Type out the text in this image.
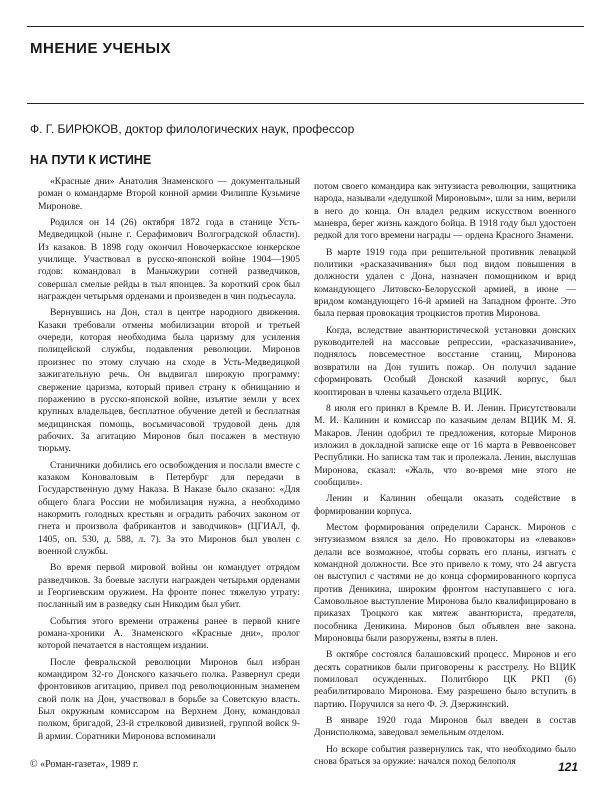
МНЕНИЕ УЧЕНЫХ

Ф. Г. БИРЮКОВ, доктор филологических наук, профессор

НА ПУТИ К ИСТИНЕ

«Красные дни» Анатолия Знаменского — документальный роман о командарме Второй конной армии Филиппе Кузьмиче Миронове.

Родился он 14 (26) октября 1872 года в станице Усть-Медведицкой (ныне г. Серафимович Волгоградской области). Из казаков. В 1898 году окончил Новочеркасское юнкерское училище. Участвовал в русско-японской войне 1904—1905 годов: командовал в Маньчжурии сотней разведчиков, совершал смелые рейды в тыл японцев. За короткий срок был награжден четырьмя орденами и произведен в чин подъесаула.

Вернувшись на Дон, стал в центре народного движения. Казаки требовали отмены мобилизации второй и третьей очереди, которая необходима была царизму для усиления полицейской службы, подавления революции. Миронов произнес по этому случаю на сходе в Усть-Медведицкой зажигательную речь. Он выдвигал широкую программу: свержение царизма, который привел страну к обнищанию и поражению в русско-японской войне, изъятие земли у всех крупных владельцев, бесплатное обучение детей и бесплатная медицинская помощь, восьмичасовой трудовой день для рабочих. За агитацию Миронов был посажен в местную тюрьму.

Станичники добились его освобождения и послали вместе с казаком Коноваловым в Петербург для передачи в Государственную думу Наказа. В Наказе было сказано: «Для общего блага России не мобилизация нужна, а необходимо накормить голодных крестьян и оградить рабочих законом от гнета и произвола фабрикантов и заводчиков» (ЦГИАЛ, ф. 1405, оп. 530, д. 588, л. 7). За это Миронов был уволен с военной службы.

Во время первой мировой войны он командует отрядом разведчиков. За боевые заслуги награжден четырьмя орденами и Георгиевским оружием. На фронте понес тяжелую утрату: посланный им в разведку сын Никодим был убит.

События этого времени отражены ранее в первой книге романа-хроники А. Знаменского «Красные дни», пролог которой печатается в настоящем издании.

После февральской революции Миронов был избран командиром 32-го Донского казачьего полка. Развернул среди фронтовиков агитацию, привел под революционным знаменем свой полк на Дон, участвовал в борьбе за Советскую власть. Был окружным комиссаром на Верхнем Дону, командовал полком, бригадой, 23-й стрелковой дивизией, группой войск 9-й армии. Соратники Миронова вспоминали

потом своего командира как энтузиаста революции, защитника народа, называли «дедушкой Мироновым», шли за ним, верили в него до конца. Он владел редким искусством военного маневра, берег жизнь каждого бойца. В 1918 году был удостоен редкой для того времени награды — ордена Красного Знамени.

В марте 1919 года при решительной противник левацкой политики «расказачивания» был под видом повышения в должности удален с Дона, назначен помощником и врид командующего Литовско-Белорусской армией, в июне — вридом командующего 16-й армией на Западном фронте. Это была первая провокация троцкистов против Миронова.

Когда, вследствие авантюристической установки донских руководителей на массовые репрессии, «расказачивание», поднялось повсеместное восстание станиц, Миронова возвратили на Дон тушить пожар. Он получил задание сформировать Особый Донской казачий корпус, был кооптирован в члены казачьего отдела ВЦИК.

8 июля его принял в Кремле В. И. Ленин. Присутствовали М. И. Калинин и комиссар по казачьим делам ВЦИК М. Я. Макаров. Ленин одобрил те предложения, которые Миронов изложил в докладной записке еще от 16 марта в Реввоенсовет Республики. Но записка там так и пролежала. Ленин, выслушав Миронова, сказал: «Жаль, что во-время мне этого не сообщили».

Ленин и Калинин обещали оказать содействие в формировании корпуса.

Местом формирования определили Саранск. Миронов с энтузиазмом взялся за дело. Но провокаторы из «леваков» делали все возможное, чтобы сорвать его планы, изгнать с командной должности. Все это привело к тому, что 24 августа он выступил с частями не до конца сформированного корпуса против Деникина, широким фронтом наступавшего с юга. Самовольное выступление Миронова было квалифицировано в приказах Троцкого как мятеж авантюриста, предателя, пособника Деникина. Миронов был объявлен вне закона. Мироновцы были разоружены, взяты в плен.

В октябре состоялся балашовский процесс. Миронов и его десять соратников были приговорены к расстрелу. Но ВЦИК помиловал осужденных. Политбюро ЦК РКП (б) реабилитировало Миронова. Ему разрешено было вступить в партию. Поручился за него Ф. Э. Дзержинский.

В январе 1920 года Миронов был введен в состав Донисполкома, заведовал земельным отделом.

Но вскоре события развернулись так, что необходимо было снова браться за оружие: начался поход белополя

© «Роман-газета», 1989 г.	121
